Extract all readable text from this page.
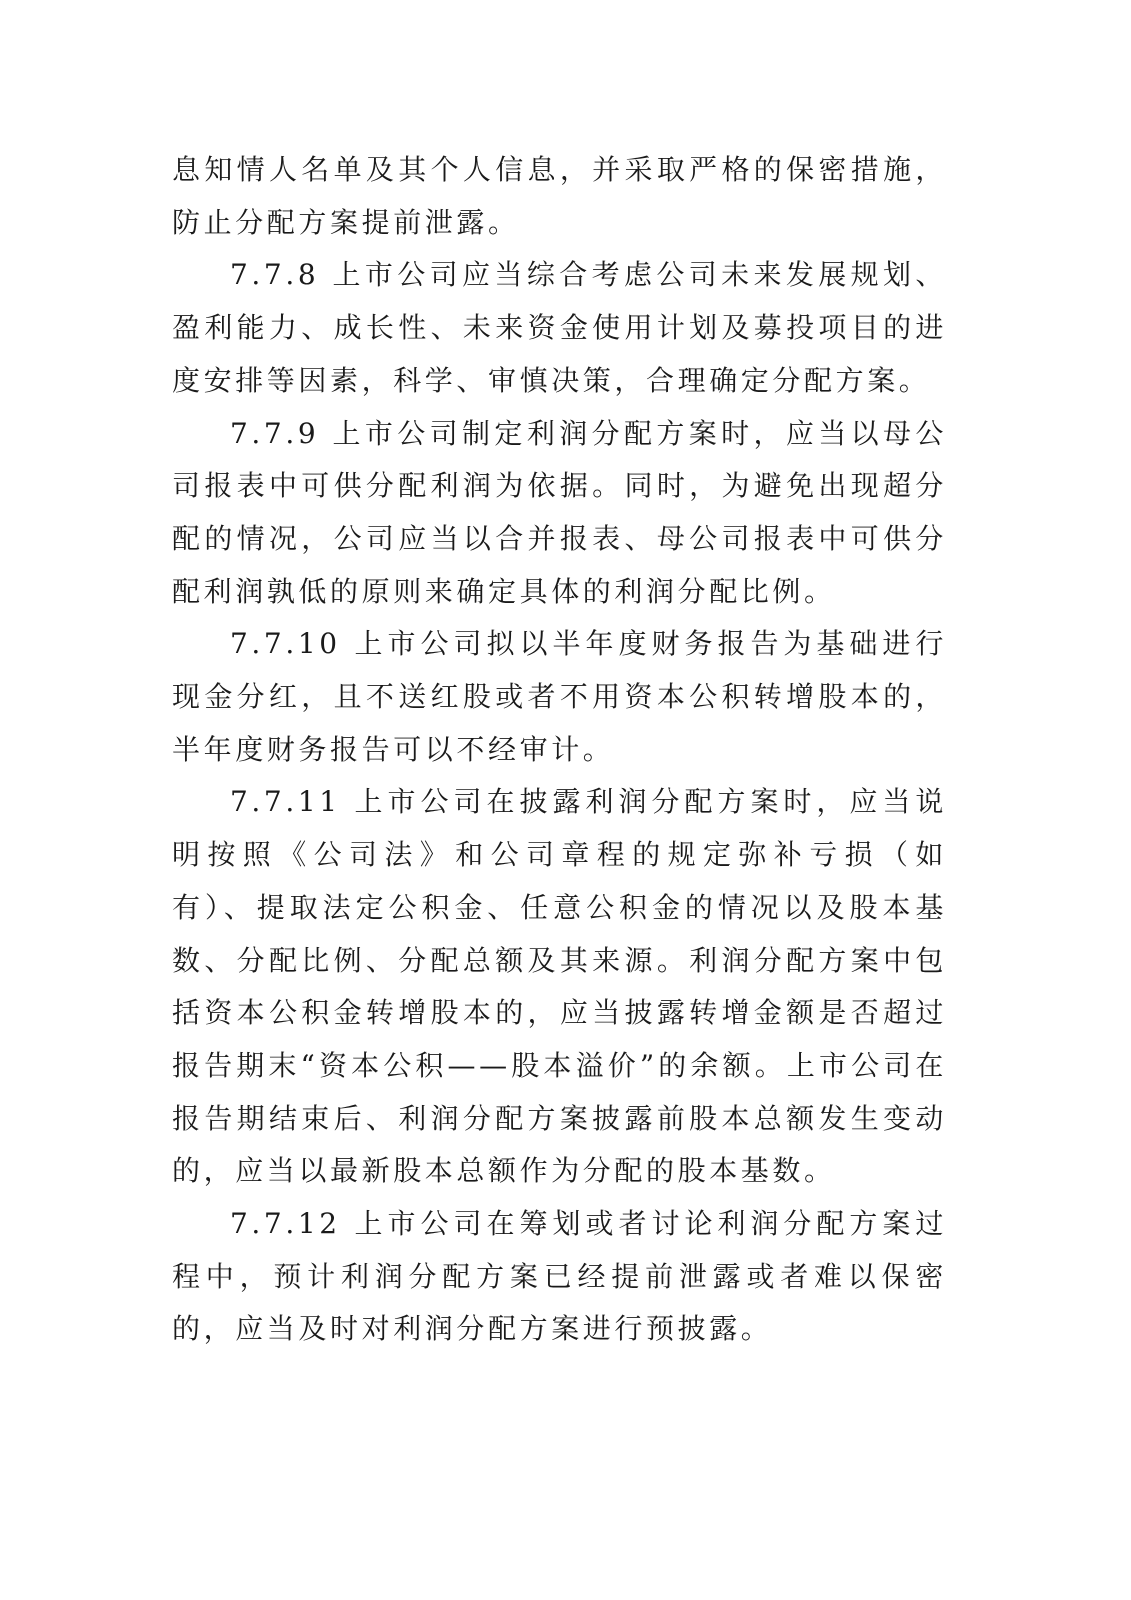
息知情人名单及其个人信息，并采取严格的保密措施，防止分配方案提前泄露。

7.7.8 上市公司应当综合考虑公司未来发展规划、盈利能力、成长性、未来资金使用计划及募投项目的进度安排等因素，科学、审慎决策，合理确定分配方案。

7.7.9 上市公司制定利润分配方案时，应当以母公司报表中可供分配利润为依据。同时，为避免出现超分配的情况，公司应当以合并报表、母公司报表中可供分配利润孰低的原则来确定具体的利润分配比例。

7.7.10 上市公司拟以半年度财务报告为基础进行现金分红，且不送红股或者不用资本公积转增股本的，半年度财务报告可以不经审计。

7.7.11 上市公司在披露利润分配方案时，应当说明按照《公司法》和公司章程的规定弥补亏损（如有）、提取法定公积金、任意公积金的情况以及股本基数、分配比例、分配总额及其来源。利润分配方案中包括资本公积金转增股本的，应当披露转增金额是否超过报告期末“资本公积——股本溢价”的余额。上市公司在报告期结束后、利润分配方案披露前股本总额发生变动的，应当以最新股本总额作为分配的股本基数。

7.7.12 上市公司在筹划或者讨论利润分配方案过程中，预计利润分配方案已经提前泄露或者难以保密的，应当及时对利润分配方案进行预披露。
